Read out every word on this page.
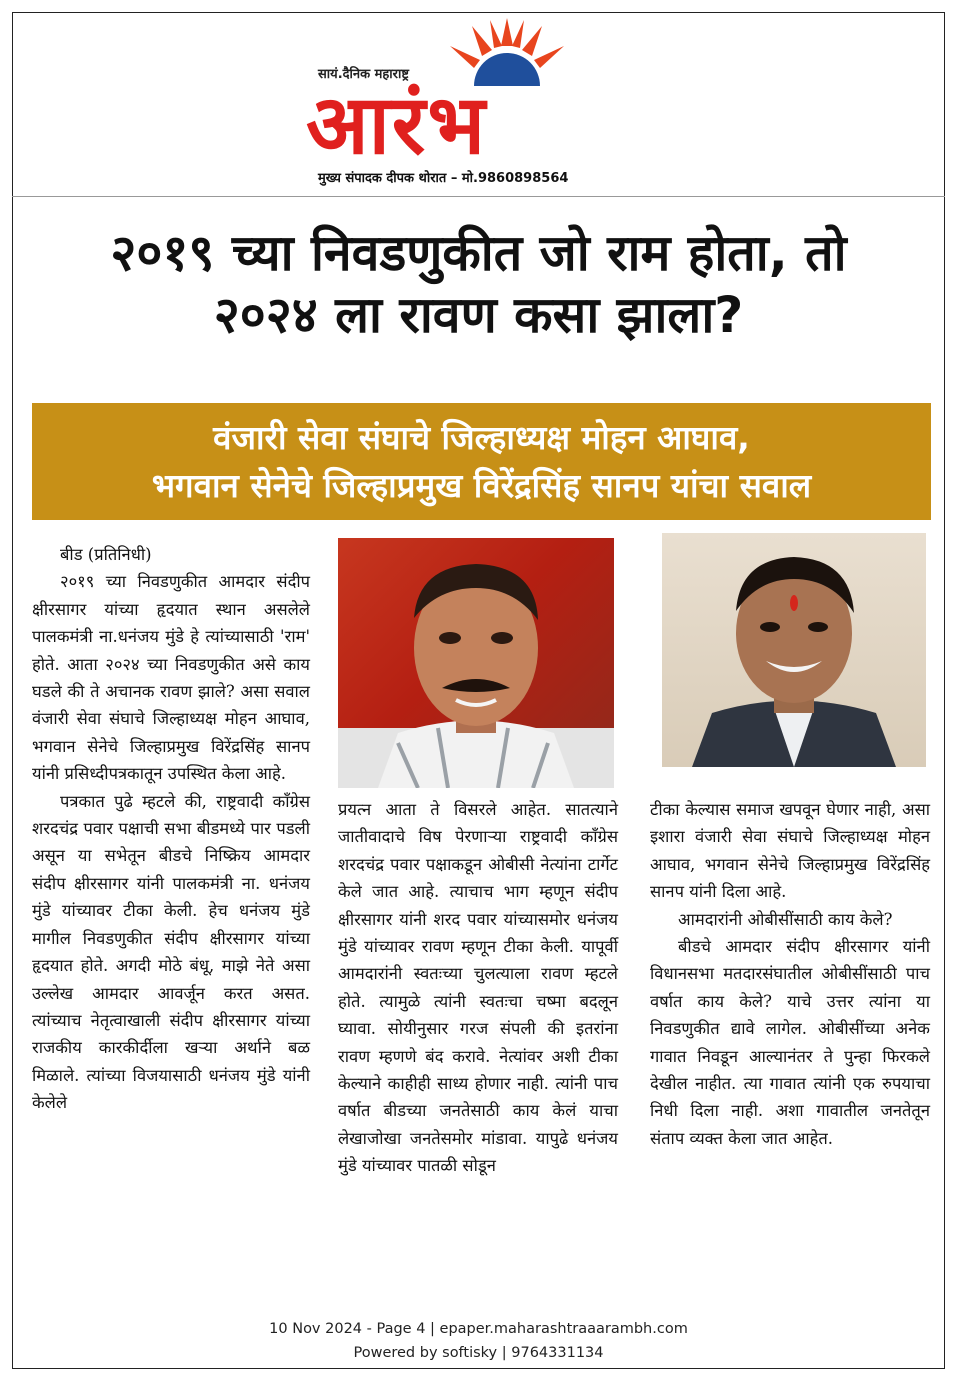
सायं.दैनिक महाराष्ट्र
आरंभ
मुख्य संपादक दीपक थोरात – मो.9860898564
२०१९ च्या निवडणुकीत जो राम होता, तो
२०२४ ला रावण कसा झाला?
वंजारी सेवा संघाचे जिल्हाध्यक्ष मोहन आघाव,
भगवान सेनेचे जिल्हाप्रमुख विरेंद्रसिंह सानप यांचा सवाल

बीड (प्रतिनिधी)

२०१९ च्या निवडणुकीत आमदार संदीप क्षीरसागर यांच्या हृदयात स्थान असलेले पालकमंत्री ना.धनंजय मुंडे हे त्यांच्यासाठी 'राम' होते. आता २०२४ च्या निवडणुकीत असे काय घडले की ते अचानक रावण झाले? असा सवाल वंजारी सेवा संघाचे जिल्हाध्यक्ष मोहन आघाव, भगवान सेनेचे जिल्हाप्रमुख विरेंद्रसिंह सानप यांनी प्रसिध्दीपत्रकातून उपस्थित केला आहे.

पत्रकात पुढे म्हटले की, राष्ट्रवादी काँग्रेस शरदचंद्र पवार पक्षाची सभा बीडमध्ये पार पडली असून या सभेतून बीडचे निष्क्रिय आमदार संदीप क्षीरसागर यांनी पालकमंत्री ना. धनंजय मुंडे यांच्यावर टीका केली. हेच धनंजय मुंडे मागील निवडणुकीत संदीप क्षीरसागर यांच्या हृदयात होते. अगदी मोठे बंधू, माझे नेते असा उल्लेख आमदार आवर्जून करत असत. त्यांच्याच नेतृत्वाखाली संदीप क्षीरसागर यांच्या राजकीय कारकीर्दीला खऱ्या अर्थाने बळ मिळाले. त्यांच्या विजयासाठी धनंजय मुंडे यांनी केलेले

प्रयत्न आता ते विसरले आहेत. सातत्याने जातीवादाचे विष पेरणाऱ्या राष्ट्रवादी काँग्रेस शरदचंद्र पवार पक्षाकडून ओबीसी नेत्यांना टार्गेट केले जात आहे. त्याचाच भाग म्हणून संदीप क्षीरसागर यांनी शरद पवार यांच्यासमोर धनंजय मुंडे यांच्यावर रावण म्हणून टीका केली. यापूर्वी आमदारांनी स्वतःच्या चुलत्याला रावण म्हटले होते. त्यामुळे त्यांनी स्वतःचा चष्मा बदलून घ्यावा. सोयीनुसार गरज संपली की इतरांना रावण म्हणणे बंद करावे. नेत्यांवर अशी टीका केल्याने काहीही साध्य होणार नाही. त्यांनी पाच वर्षात बीडच्या जनतेसाठी काय केलं याचा लेखाजोखा जनतेसमोर मांडावा. यापुढे धनंजय मुंडे यांच्यावर पातळी सोडून

टीका केल्यास समाज खपवून घेणार नाही, असा इशारा वंजारी सेवा संघाचे जिल्हाध्यक्ष मोहन आघाव, भगवान सेनेचे जिल्हाप्रमुख विरेंद्रसिंह सानप यांनी दिला आहे.

आमदारांनी ओबीसींसाठी काय केले?

बीडचे आमदार संदीप क्षीरसागर यांनी विधानसभा मतदारसंघातील ओबीसींसाठी पाच वर्षात काय केले? याचे उत्तर त्यांना या निवडणुकीत द्यावे लागेल. ओबीसींच्या अनेक गावात निवडून आल्यानंतर ते पुन्हा फिरकले देखील नाहीत. त्या गावात त्यांनी एक रुपयाचा निधी दिला नाही. अशा गावातील जनतेतून संताप व्यक्त केला जात आहेत.

10 Nov 2024 - Page 4 | epaper.maharashtraaarambh.com
Powered by softisky | 9764331134
